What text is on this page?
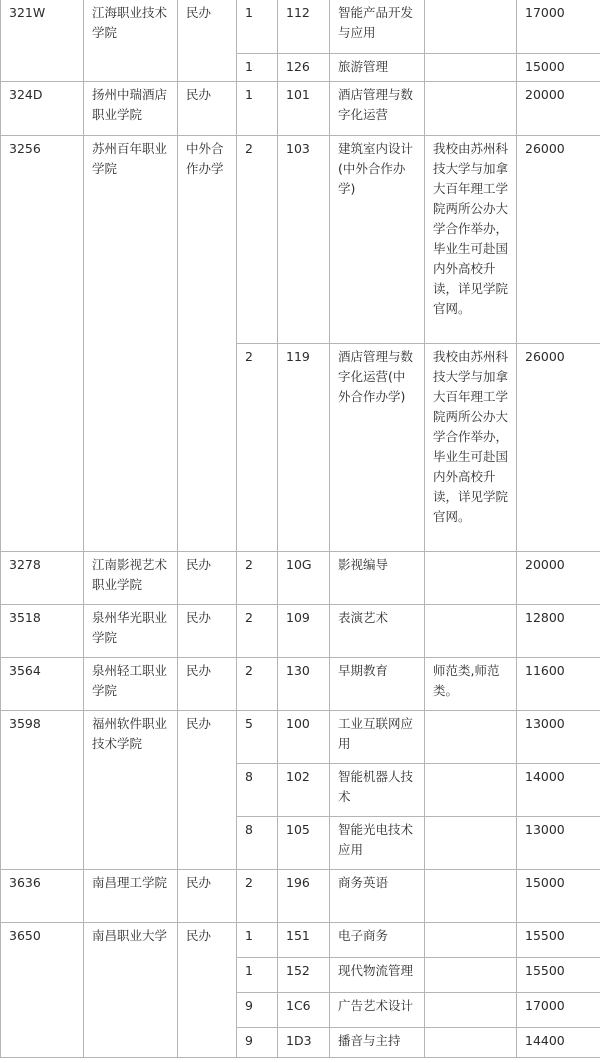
321W	江海职业技术学院	民办	1	112	智能产品开发与应用		17000
			1	126	旅游管理		15000
324D	扬州中瑞酒店职业学院	民办	1	101	酒店管理与数字化运营		20000
3256	苏州百年职业学院	中外合作办学	2	103	建筑室内设计(中外合作办学)	我校由苏州科技大学与加拿大百年理工学院两所公办大学合作举办，毕业生可赴国内外高校升读，详见学院官网。	26000
			2	119	酒店管理与数字化运营(中外合作办学)	我校由苏州科技大学与加拿大百年理工学院两所公办大学合作举办，毕业生可赴国内外高校升读，详见学院官网。	26000
3278	江南影视艺术职业学院	民办	2	10G	影视编导		20000
3518	泉州华光职业学院	民办	2	109	表演艺术		12800
3564	泉州轻工职业学院	民办	2	130	早期教育	师范类,师范类。	11600
3598	福州软件职业技术学院	民办	5	100	工业互联网应用		13000
			8	102	智能机器人技术		14000
			8	105	智能光电技术应用		13000
3636	南昌理工学院	民办	2	196	商务英语		15000
3650	南昌职业大学	民办	1	151	电子商务		15500
			1	152	现代物流管理		15500
			9	1C6	广告艺术设计		17000
			9	1D3	播音与主持		14400
